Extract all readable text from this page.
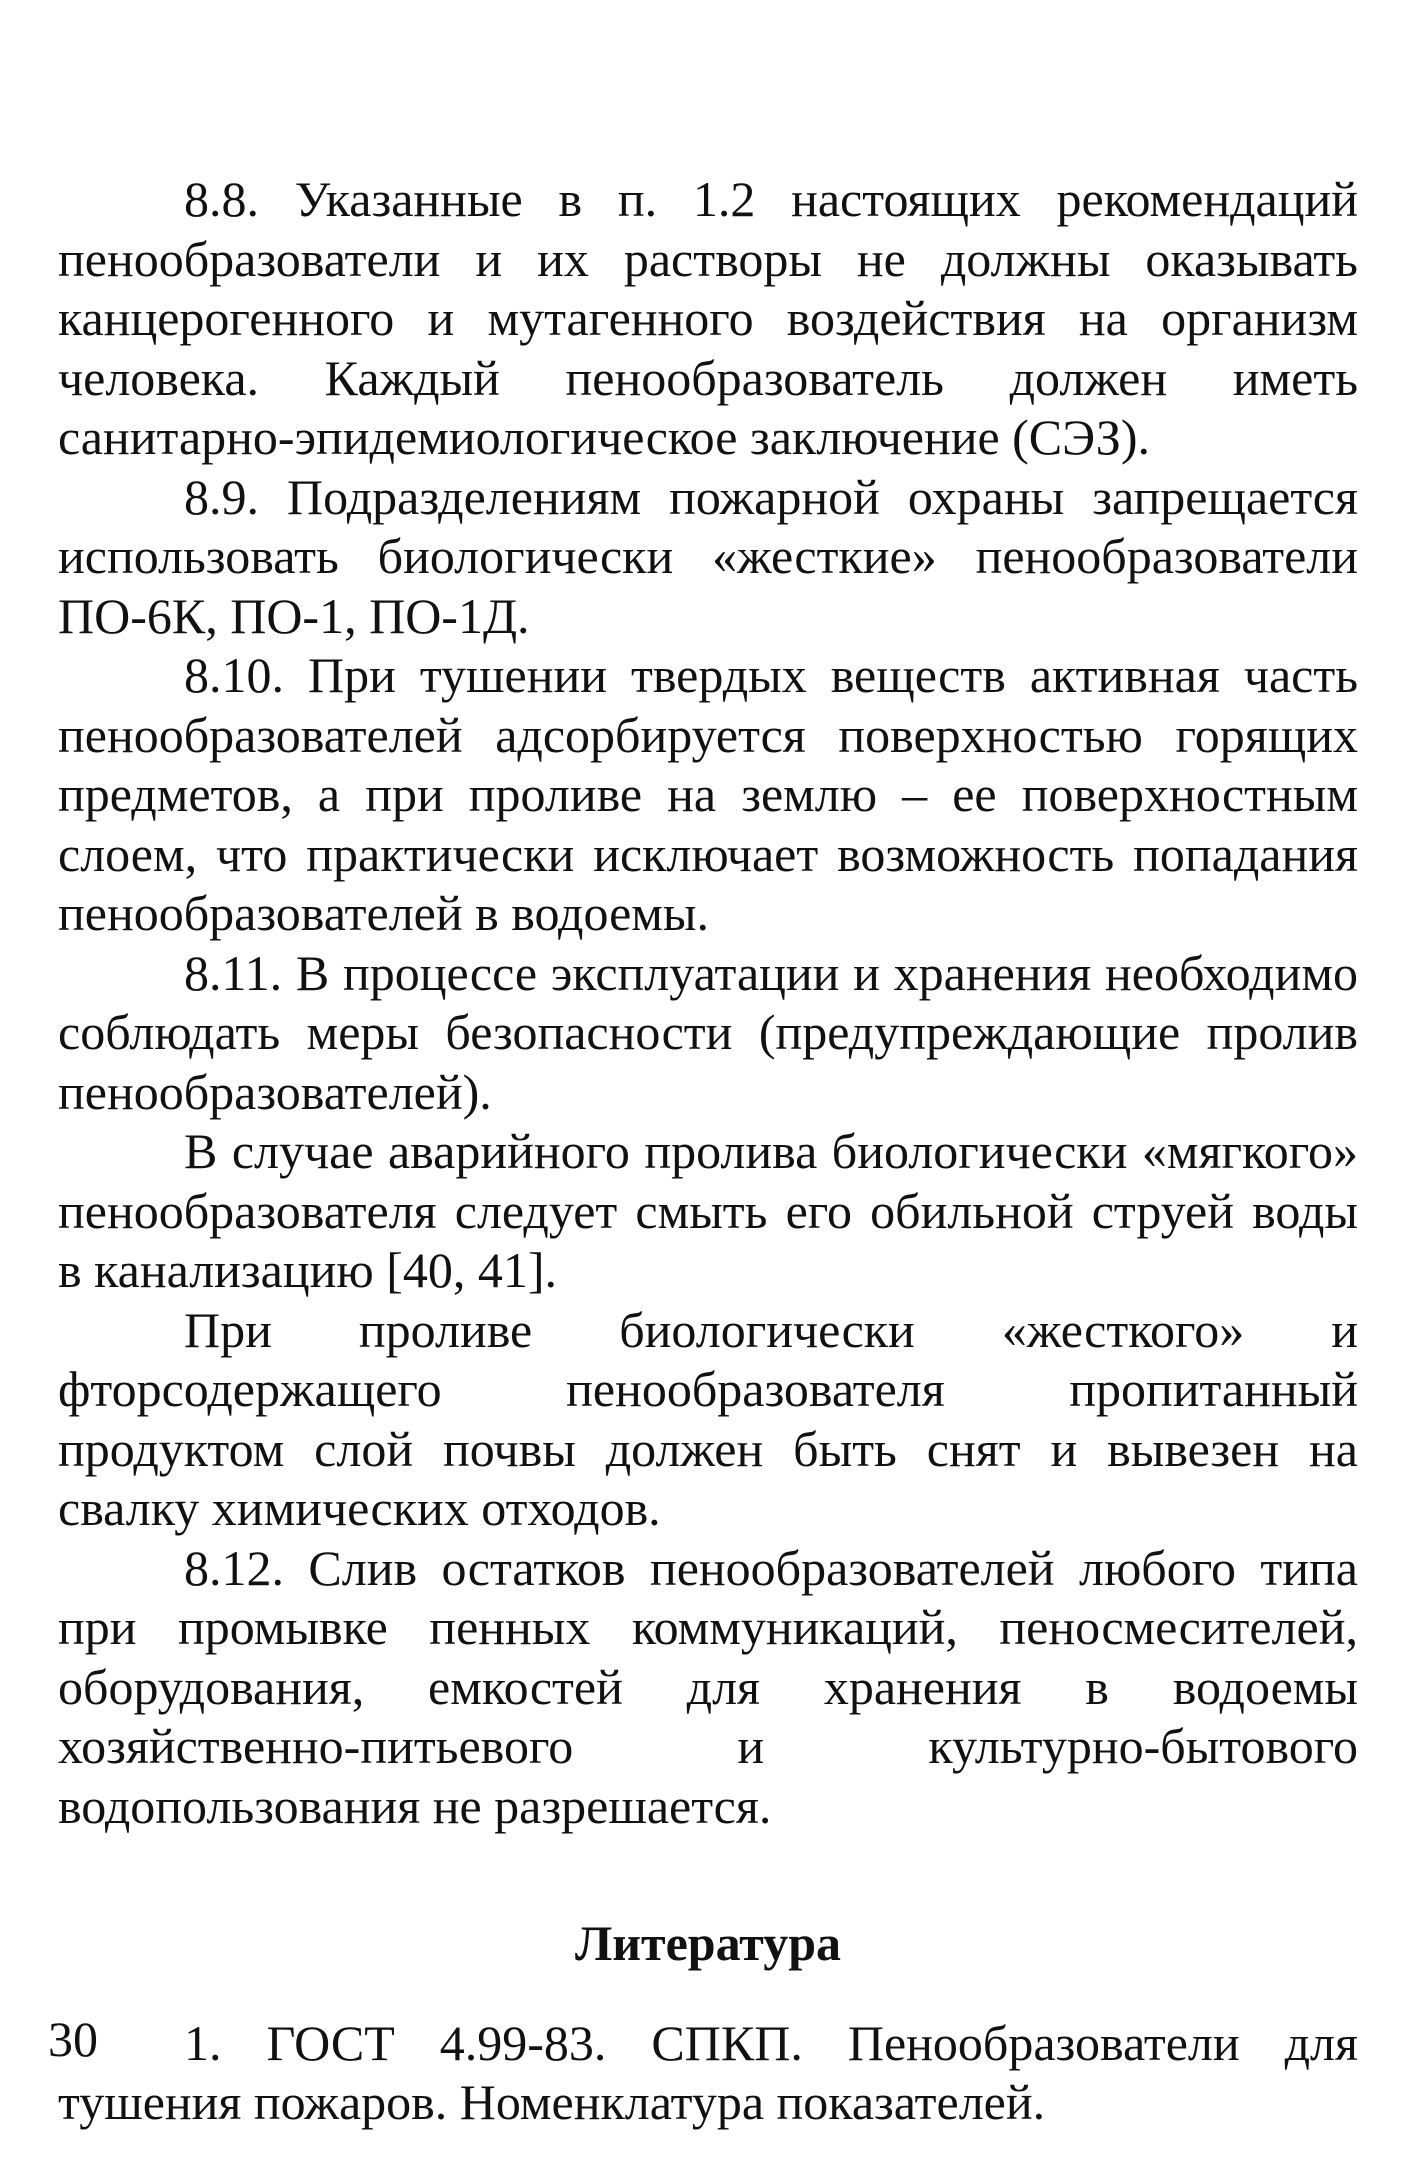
8.8. Указанные в п. 1.2 настоящих рекомендаций пенообразователи и их растворы не должны оказывать канцерогенного и мутагенного воздействия на организм человека. Каждый пенообразователь должен иметь санитарно-эпидемиологическое заключение (СЭЗ).

8.9. Подразделениям пожарной охраны запрещается использовать биологически «жесткие» пенообразователи ПО-6К, ПО-1, ПО-1Д.

8.10. При тушении твердых веществ активная часть пенообразователей адсорбируется поверхностью горящих предметов, а при проливе на землю – ее поверхностным слоем, что практически исключает возможность попадания пенообразователей в водоемы.

8.11. В процессе эксплуатации и хранения необходимо соблюдать меры безопасности (предупреждающие пролив пенообразователей).

В случае аварийного пролива биологически «мягкого» пенообразователя следует смыть его обильной струей воды в канализацию [40, 41].

При проливе биологически «жесткого» и фторсодержащего пенообразователя пропитанный продуктом слой почвы должен быть снят и вывезен на свалку химических отходов.

8.12. Слив остатков пенообразователей любого типа при промывке пенных коммуникаций, пеносмесителей, оборудования, емкостей для хранения в водоемы хозяйственно-питьевого и культурно-бытового водопользования не разрешается.

Литература

1. ГОСТ 4.99-83. СПКП. Пенообразователи для тушения пожаров. Номенклатура показателей.

30
